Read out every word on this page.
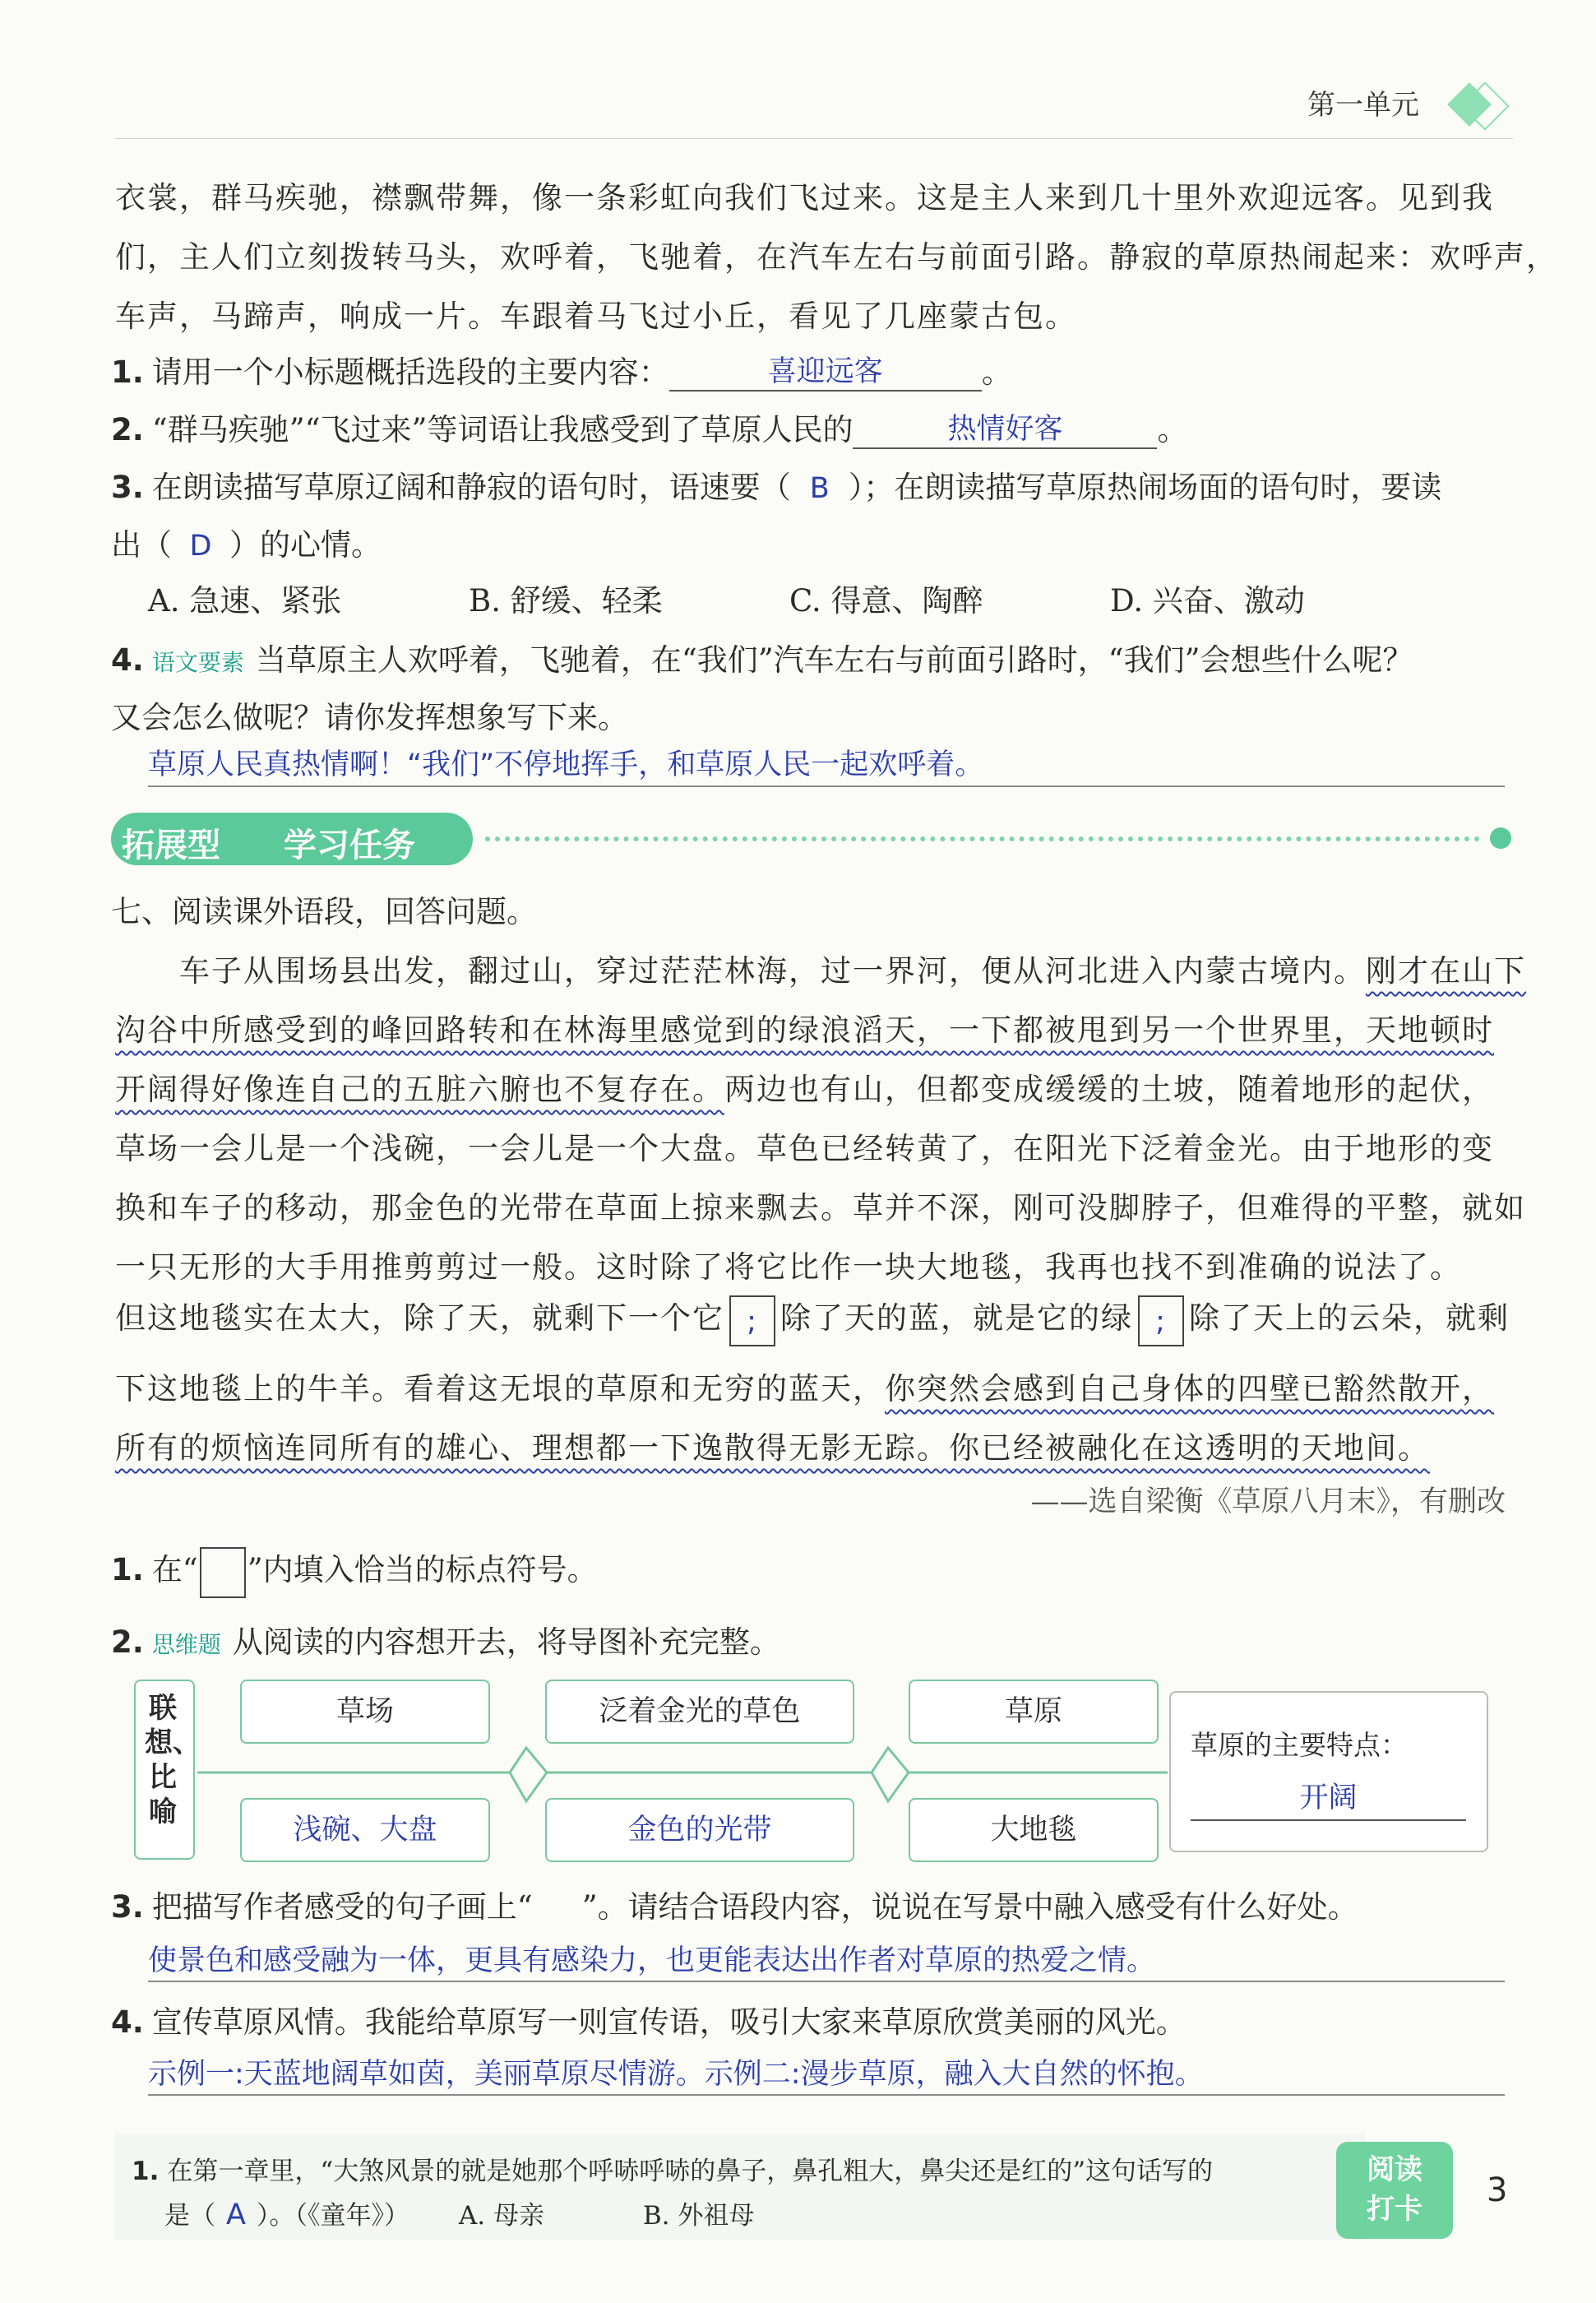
第一单元
衣裳，群马疾驰，襟飘带舞，像一条彩虹向我们飞过来。这是主人来到几十里外欢迎远客。见到我
们，主人们立刻拨转马头，欢呼着，飞驰着，在汽车左右与前面引路。静寂的草原热闹起来：欢呼声，
车声，马蹄声，响成一片。车跟着马飞过小丘，看见了几座蒙古包。
1. 请用一个小标题概括选段的主要内容：	喜迎远客	。
2. “群马疾驰”“飞过来”等词语让我感受到了草原人民的	热情好客	。
3. 在朗读描写草原辽阔和静寂的语句时，语速要（ B ）；在朗读描写草原热闹场面的语句时，要读
出（ D ）的心情。
A. 急速、紧张	B. 舒缓、轻柔	C. 得意、陶醉	D. 兴奋、激动
4. 语文要素 当草原主人欢呼着，飞驰着，在“我们”汽车左右与前面引路时，“我们”会想些什么呢？
又会怎么做呢？请你发挥想象写下来。
草原人民真热情啊！“我们”不停地挥手，和草原人民一起欢呼着。
拓展型 学习任务
七、阅读课外语段，回答问题。
车子从围场县出发，翻过山，穿过茫茫林海，过一界河，便从河北进入内蒙古境内。刚才在山下
沟谷中所感受到的峰回路转和在林海里感觉到的绿浪滔天，一下都被甩到另一个世界里，天地顿时
开阔得好像连自己的五脏六腑也不复存在。两边也有山，但都变成缓缓的土坡，随着地形的起伏，
草场一会儿是一个浅碗，一会儿是一个大盘。草色已经转黄了，在阳光下泛着金光。由于地形的变
换和车子的移动，那金色的光带在草面上掠来飘去。草并不深，刚可没脚脖子，但难得的平整，就如
一只无形的大手用推剪剪过一般。这时除了将它比作一块大地毯，我再也找不到准确的说法了。
但这地毯实在太大，除了天，就剩下一个它 ; 除了天的蓝，就是它的绿 ; 除了天上的云朵，就剩
下这地毯上的牛羊。看着这无垠的草原和无穷的蓝天，你突然会感到自己身体的四壁已豁然散开，
所有的烦恼连同所有的雄心、理想都一下逸散得无影无踪。你已经被融化在这透明的天地间。
——选自梁衡《草原八月末》，有删改
1. 在“ ”内填入恰当的标点符号。
2. 思维题 从阅读的内容想开去，将导图补充完整。
联想、比喻
草场	泛着金光的草色	草原
浅碗、大盘	金色的光带	大地毯
草原的主要特点：
开阔
3. 把描写作者感受的句子画上“ ”。请结合语段内容，说说在写景中融入感受有什么好处。
使景色和感受融为一体，更具有感染力，也更能表达出作者对草原的热爱之情。
4. 宣传草原风情。我能给草原写一则宣传语，吸引大家来草原欣赏美丽的风光。
示例一:天蓝地阔草如茵，美丽草原尽情游。示例二:漫步草原，融入大自然的怀抱。
1. 在第一章里，“大煞风景的就是她那个呼哧呼哧的鼻子，鼻孔粗大，鼻尖还是红的”这句话写的
是（ A ）。（《童年》） A. 母亲	B. 外祖母
阅读
打卡	3
